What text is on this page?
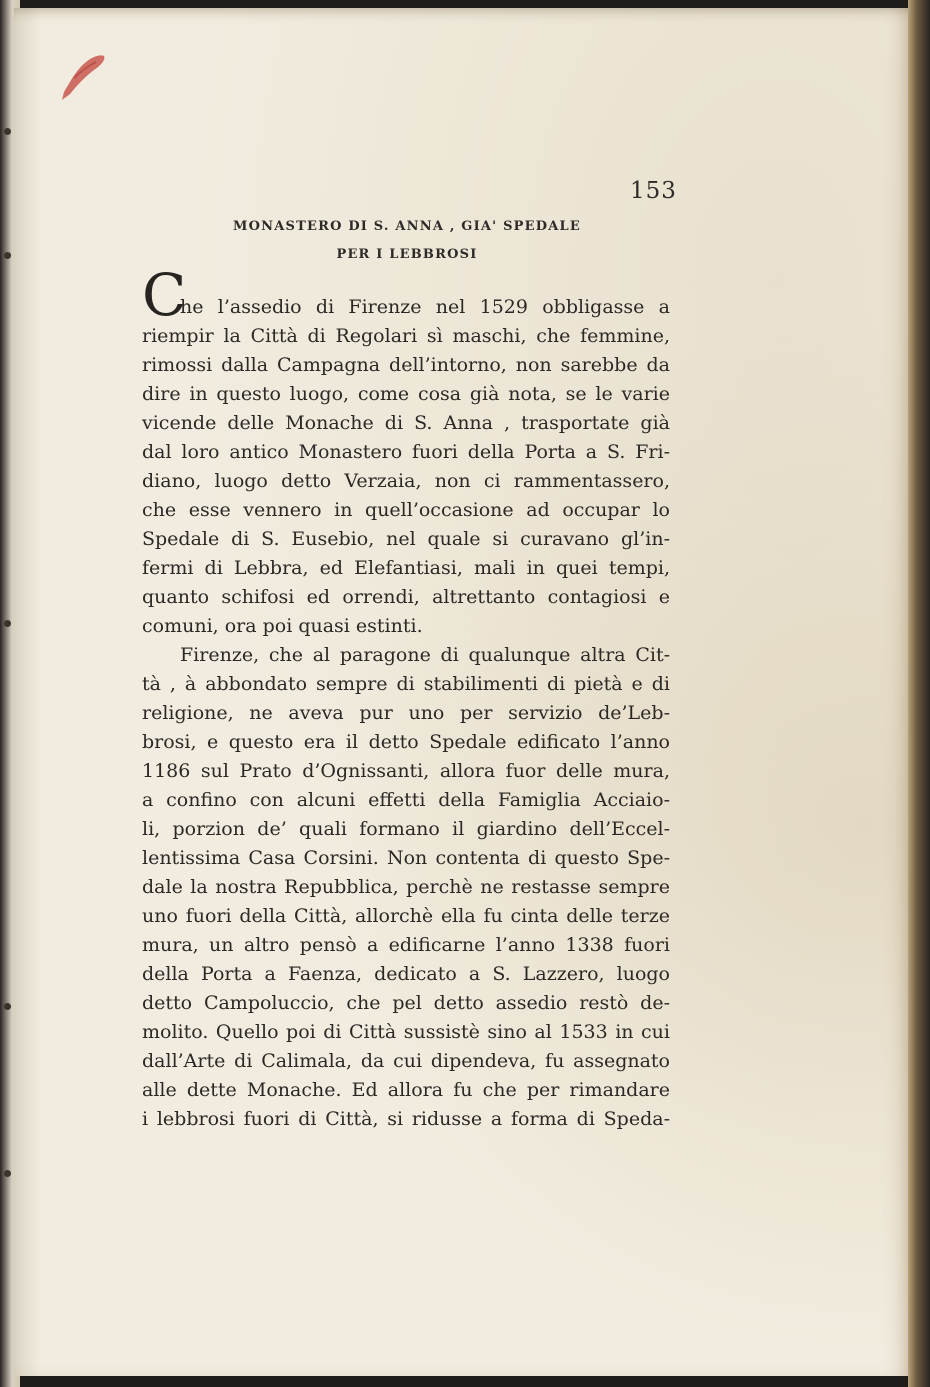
153
MONASTERO DI S. ANNA , GIA' SPEDALE
PER I LEBBROSI
C
he l’assedio di Firenze nel 1529 obbligasse a
riempir la Città di Regolari sì maschi, che femmine,
rimossi dalla Campagna dell’intorno, non sarebbe da
dire in questo luogo, come cosa già nota, se le varie
vicende delle Monache di S. Anna , trasportate già
dal loro antico Monastero fuori della Porta a S. Fri-
diano, luogo detto Verzaia, non ci rammentassero,
che esse vennero in quell’occasione ad occupar lo
Spedale di S. Eusebio, nel quale si curavano gl’in-
fermi di Lebbra, ed Elefantiasi, mali in quei tempi,
quanto schifosi ed orrendi, altrettanto contagiosi e
comuni, ora poi quasi estinti.
Firenze, che al paragone di qualunque altra Cit-
tà , à abbondato sempre di stabilimenti di pietà e di
religione, ne aveva pur uno per servizio de’Leb-
brosi, e questo era il detto Spedale edificato l’anno
1186 sul Prato d’Ognissanti, allora fuor delle mura,
a confino con alcuni effetti della Famiglia Acciaio-
li, porzion de’ quali formano il giardino dell’Eccel-
lentissima Casa Corsini. Non contenta di questo Spe-
dale la nostra Repubblica, perchè ne restasse sempre
uno fuori della Città, allorchè ella fu cinta delle terze
mura, un altro pensò a edificarne l’anno 1338 fuori
della Porta a Faenza, dedicato a S. Lazzero, luogo
detto Campoluccio, che pel detto assedio restò de-
molito. Quello poi di Città sussistè sino al 1533 in cui
dall’Arte di Calimala, da cui dipendeva, fu assegnato
alle dette Monache. Ed allora fu che per rimandare
i lebbrosi fuori di Città, si ridusse a forma di Speda-
